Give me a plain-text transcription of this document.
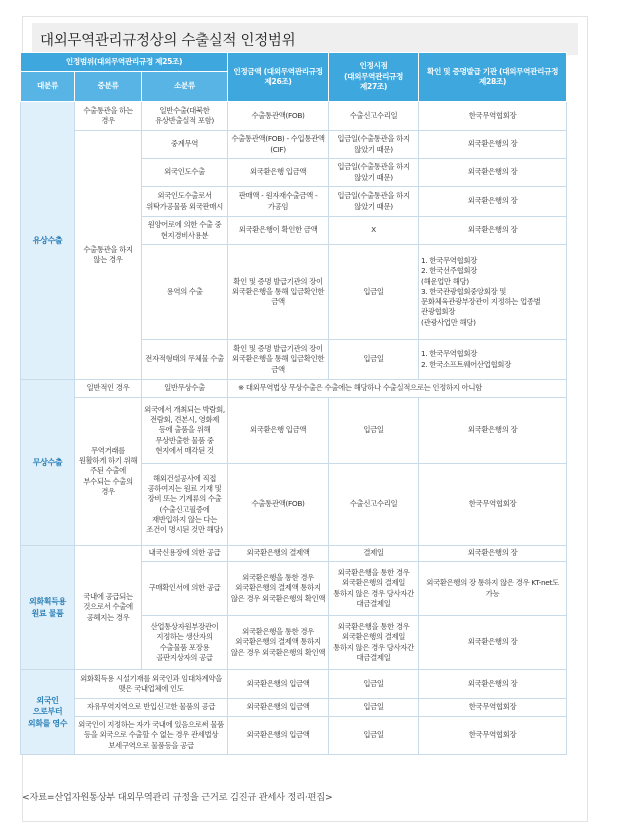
대외무역관리규정상의 수출실적 인정범위
인정범위(대외무역관리규정 제25조)			인정금액 (대외무역관리규정 제26조)	인정시점 (대외무역관리규정 제27조)	확인 및 증명발급 기관 (대외무역관리규정 제28조)
대분류	중분류	소분류			
유상수출	수출통관을 하는 경우	일반수출(대북한 유상반출실적 포함)	수출통관액(FOB)	수출신고수리일	한국무역협회장
	수출통관을 하지 않는 경우	중계무역	수출통관액(FOB) - 수입통관액(CIF)	입금일(수출통관을 하지 않았기 때문)	외국환은행의 장
		외국인도수출	외국환은행 입금액	입금일(수출통관을 하지 않았기 때문)	외국환은행의 장
		외국인도수출로서 위탁가공물품 외국판매시	판매액 - 원자재수출금액 - 가공임	입금일(수출통관을 하지 않았기 때문)	외국환은행의 장
		원양어로에 의한 수출 중 현지경비사용분	외국환은행이 확인한 금액	X	외국환은행의 장
		용역의 수출	확인 및 증명 발급기관의 장이 외국환은행을 통해 입금확인한 금액	입금일	1. 한국무역협회장
2. 한국선주협회장
(해운업만 해당)
3. 한국관광협회중앙회장 및 문화체육관광부장관이 지정하는 업종별 관광협회장
(관광사업만 해당)
		전자적형태의 무체물 수출	확인 및 증명 발급기관의 장이 외국환은행을 통해 입금확인한 금액	입금일	1. 한국무역협회장
2. 한국소프트웨어산업협회장
무상수출	일반적인 경우	일반무상수출	※ 대외무역법상 무상수출은 수출에는 해당하나 수출실적으로는 인정하지 아니함		
	무역거래를 원활하게 하기 위해 주된 수출에 부수되는 수출의 경우	외국에서 개최되는 박람회, 전람회, 견본시, 영화제 등에 출품을 위해 무상반출한 물품 중 현지에서 매각된 것	외국환은행 입금액	입금일	외국환은행의 장
		해외건설공사에 직접 공하여지는 원료 기재 및 장비 또는 기계류의 수출 (수출신고필증에 재반입하지 않는 다는 조건이 명시된 것만 해당)	수출통관액(FOB)	수출신고수리일	한국무역협회장
외화획득용 원료 물품	국내에 공급되는 것으로서 수출에 공헤지는 경우	내국신용장에 의한 공급	외국환은행의 결제액	결제일	외국환은행의 장
		구매확인서에 의한 공급	외국환은행을 통한 경우 외국환은행의 결제액 통하지 않은 경우 외국환은행의 확인액	외국환은행을 통한 경우 외국환은행의 결제일 통하지 않은 경우 당사자간 대금결제일	외국환은행의 장 통하지 않은 경우 KT-net도 가능
		산업통상자원부장관이 지정하는 생산자의 수출물품 포장용 골판지상자의 공급	외국환은행을 통한 경우 외국환은행의 결제액 통하지 않은 경우 외국환은행의 확인액	외국환은행을 통한 경우 외국환은행의 결제일 통하지 않은 경우 당사자간 대금결제일	외국환은행의 장
외국인 으로부터 외화를 영수	외화획득용 시설기재를 외국인과 임대차계약을 맺은 국내업체에 인도		외국환은행의 입금액	입금일	외국환은행의 장
	자유무역지역으로 반입신고한 물품의 공급		외국환은행의 입금액	입금일	한국무역협회장
	외국인이 지정하는 자가 국내에 있음으로써 물품 등을 외국으로 수출할 수 없는 경우 관세법상 보세구역으로 물품등을 공급		외국환은행의 입금액	입금일	한국무역협회장
<자료=산업자원통상부 대외무역관리 규정을 근거로 김진규 관세사 정리·편집>
